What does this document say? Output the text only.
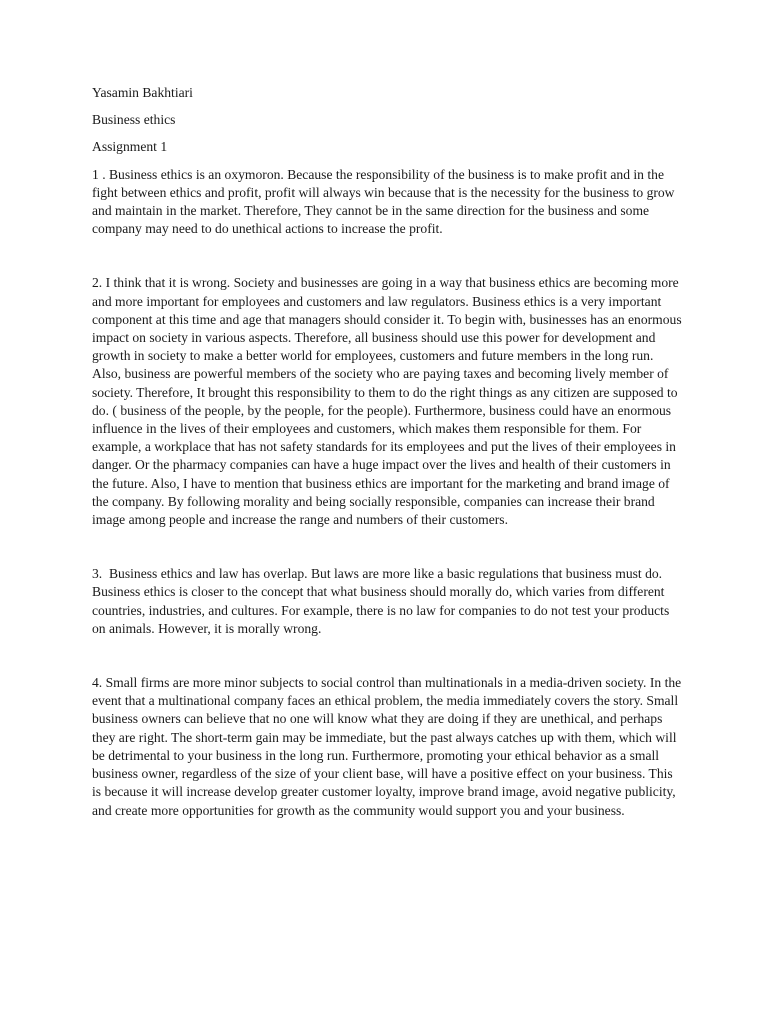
Yasamin Bakhtiari

Business ethics

Assignment 1

1 . Business ethics is an oxymoron. Because the responsibility of the business is to make profit and in the fight between ethics and profit, profit will always win because that is the necessity for the business to grow and maintain in the market. Therefore, They cannot be in the same direction for the business and some company may need to do unethical actions to increase the profit.

2. I think that it is wrong. Society and businesses are going in a way that business ethics are becoming more and more important for employees and customers and law regulators. Business ethics is a very important component at this time and age that managers should consider it. To begin with, businesses has an enormous impact on society in various aspects. Therefore, all business should use this power for development and growth in society to make a better world for employees, customers and future members in the long run. Also, business are powerful members of the society who are paying taxes and becoming lively member of society. Therefore, It brought this responsibility to them to do the right things as any citizen are supposed to do. ( business of the people, by the people, for the people). Furthermore, business could have an enormous influence in the lives of their employees and customers, which makes them responsible for them. For example, a workplace that has not safety standards for its employees and put the lives of their employees in danger. Or the pharmacy companies can have a huge impact over the lives and health of their customers in the future. Also, I have to mention that business ethics are important for the marketing and brand image of the company. By following morality and being socially responsible, companies can increase their brand image among people and increase the range and numbers of their customers.

3.  Business ethics and law has overlap. But laws are more like a basic regulations that business must do. Business ethics is closer to the concept that what business should morally do, which varies from different countries, industries, and cultures. For example, there is no law for companies to do not test your products on animals. However, it is morally wrong.

4. Small firms are more minor subjects to social control than multinationals in a media-driven society. In the event that a multinational company faces an ethical problem, the media immediately covers the story. Small business owners can believe that no one will know what they are doing if they are unethical, and perhaps they are right. The short-term gain may be immediate, but the past always catches up with them, which will be detrimental to your business in the long run. Furthermore, promoting your ethical behavior as a small business owner, regardless of the size of your client base, will have a positive effect on your business. This is because it will increase develop greater customer loyalty, improve brand image, avoid negative publicity, and create more opportunities for growth as the community would support you and your business.
